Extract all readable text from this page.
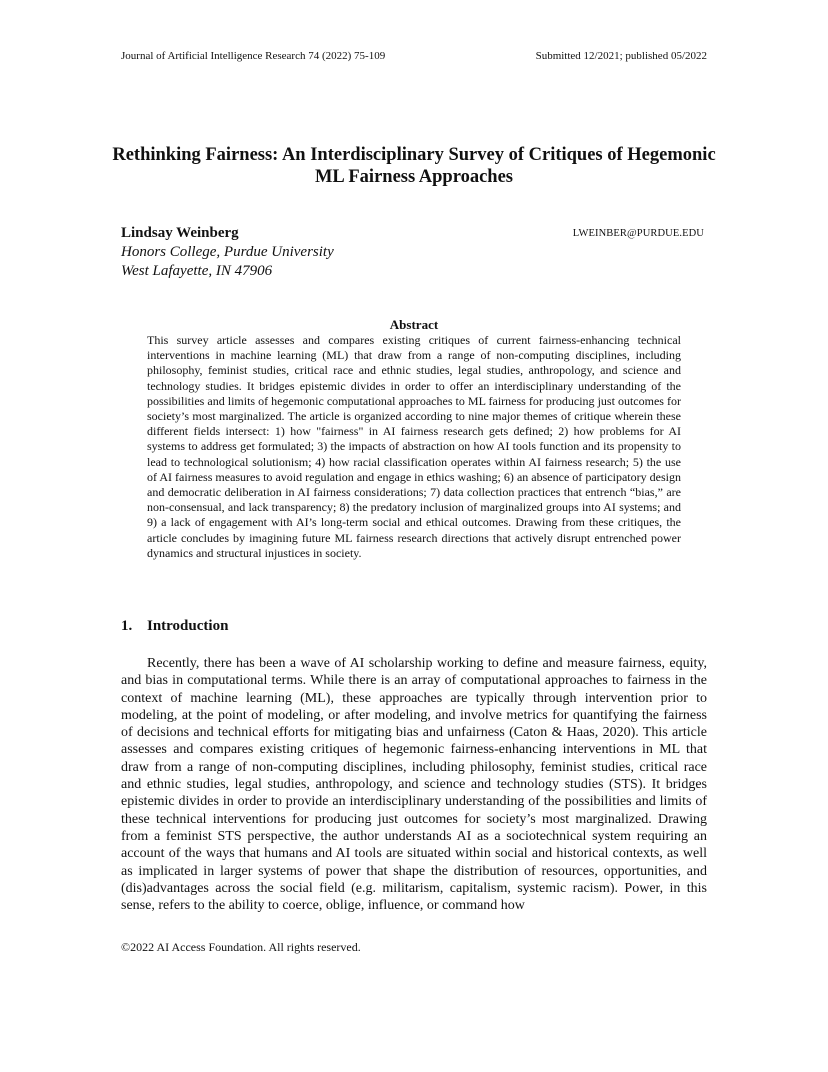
Journal of Artificial Intelligence Research 74 (2022) 75-109	Submitted 12/2021; published 05/2022
Rethinking Fairness: An Interdisciplinary Survey of Critiques of Hegemonic ML Fairness Approaches
Lindsay Weinberg	LWEINBER@PURDUE.EDU
Honors College, Purdue University
West Lafayette, IN 47906
Abstract

This survey article assesses and compares existing critiques of current fairness-enhancing technical interventions in machine learning (ML) that draw from a range of non-computing disciplines, including philosophy, feminist studies, critical race and ethnic studies, legal studies, anthropology, and science and technology studies. It bridges epistemic divides in order to offer an interdisciplinary understanding of the possibilities and limits of hegemonic computational approaches to ML fairness for producing just outcomes for society’s most marginalized. The article is organized according to nine major themes of critique wherein these different fields intersect: 1) how "fairness" in AI fairness research gets defined; 2) how problems for AI systems to address get formulated; 3) the impacts of abstraction on how AI tools function and its propensity to lead to technological solutionism; 4) how racial classification operates within AI fairness research; 5) the use of AI fairness measures to avoid regulation and engage in ethics washing; 6) an absence of participatory design and democratic deliberation in AI fairness considerations; 7) data collection practices that entrench “bias,” are non-consensual, and lack transparency; 8) the predatory inclusion of marginalized groups into AI systems; and 9) a lack of engagement with AI’s long-term social and ethical outcomes. Drawing from these critiques, the article concludes by imagining future ML fairness research directions that actively disrupt entrenched power dynamics and structural injustices in society.

1. Introduction

Recently, there has been a wave of AI scholarship working to define and measure fairness, equity, and bias in computational terms. While there is an array of computational approaches to fairness in the context of machine learning (ML), these approaches are typically through intervention prior to modeling, at the point of modeling, or after modeling, and involve metrics for quantifying the fairness of decisions and technical efforts for mitigating bias and unfairness (Caton & Haas, 2020). This article assesses and compares existing critiques of hegemonic fairness-enhancing interventions in ML that draw from a range of non-computing disciplines, including philosophy, feminist studies, critical race and ethnic studies, legal studies, anthropology, and science and technology studies (STS). It bridges epistemic divides in order to provide an interdisciplinary understanding of the possibilities and limits of these technical interventions for producing just outcomes for society’s most marginalized. Drawing from a feminist STS perspective, the author understands AI as a sociotechnical system requiring an account of the ways that humans and AI tools are situated within social and historical contexts, as well as implicated in larger systems of power that shape the distribution of resources, opportunities, and (dis)advantages across the social field (e.g. militarism, capitalism, systemic racism). Power, in this sense, refers to the ability to coerce, oblige, influence, or command how

©2022 AI Access Foundation. All rights reserved.
